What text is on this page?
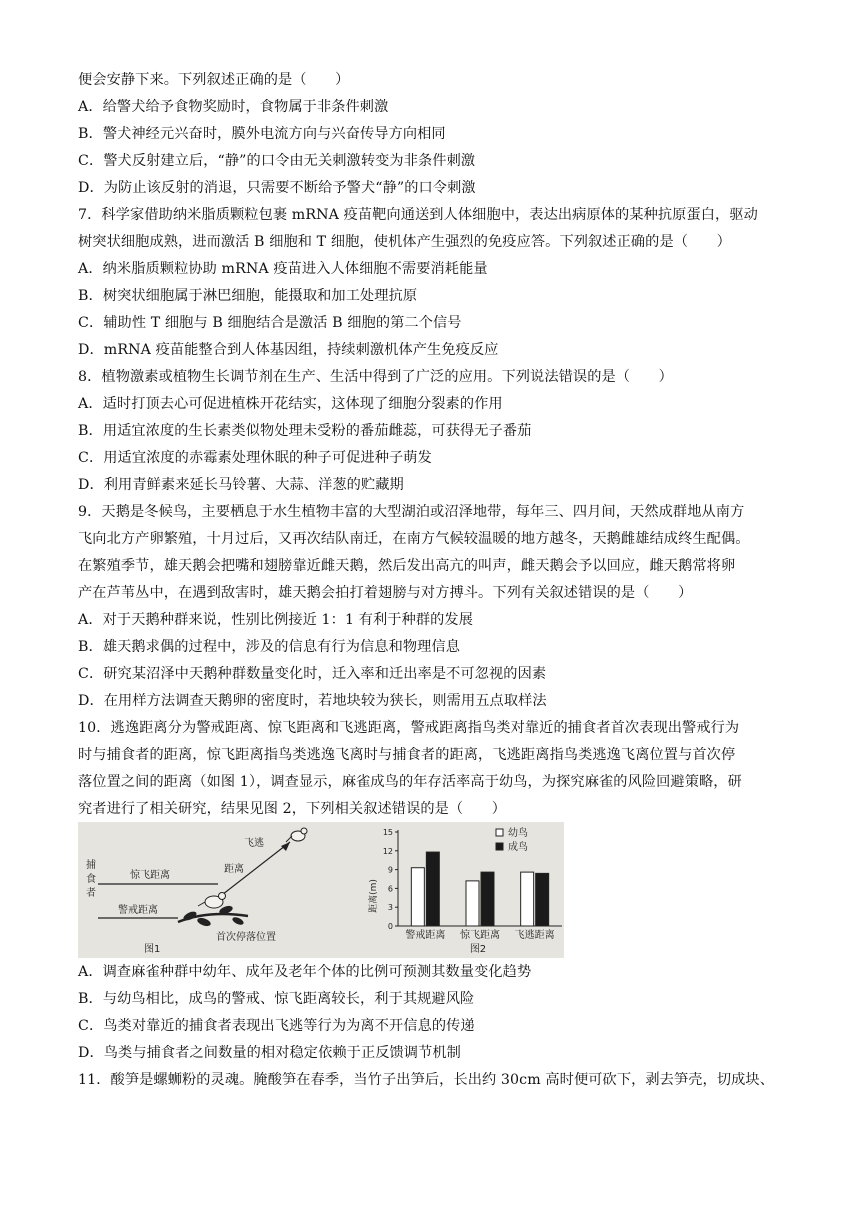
便会安静下来。下列叙述正确的是（　　）
A．给警犬给予食物奖励时，食物属于非条件刺激
B．警犬神经元兴奋时，膜外电流方向与兴奋传导方向相同
C．警犬反射建立后，“静”的口令由无关刺激转变为非条件刺激
D．为防止该反射的消退，只需要不断给予警犬“静”的口令刺激
7．科学家借助纳米脂质颗粒包裹 mRNA 疫苗靶向通送到人体细胞中，表达出病原体的某种抗原蛋白，驱动
树突状细胞成熟，进而激活 B 细胞和 T 细胞，使机体产生强烈的免疫应答。下列叙述正确的是（　　）
A．纳米脂质颗粒协助 mRNA 疫苗进入人体细胞不需要消耗能量
B．树突状细胞属于淋巴细胞，能摄取和加工处理抗原
C．辅助性 T 细胞与 B 细胞结合是激活 B 细胞的第二个信号
D．mRNA 疫苗能整合到人体基因组，持续刺激机体产生免疫反应
8．植物激素或植物生长调节剂在生产、生活中得到了广泛的应用。下列说法错误的是（　　）
A．适时打顶去心可促进植株开花结实，这体现了细胞分裂素的作用
B．用适宜浓度的生长素类似物处理未受粉的番茄雌蕊，可获得无子番茄
C．用适宜浓度的赤霉素处理休眠的种子可促进种子萌发
D．利用青鲜素来延长马铃薯、大蒜、洋葱的贮藏期
9．天鹅是冬候鸟，主要栖息于水生植物丰富的大型湖泊或沼泽地带，每年三、四月间，天然成群地从南方
飞向北方产卵繁殖，十月过后，又再次结队南迁，在南方气候较温暖的地方越冬，天鹅雌雄结成终生配偶。
在繁殖季节，雄天鹅会把嘴和翅膀靠近雌天鹅，然后发出高亢的叫声，雌天鹅会予以回应，雌天鹅常将卵
产在芦苇丛中，在遇到敌害时，雄天鹅会拍打着翅膀与对方搏斗。下列有关叙述错误的是（　　）
A．对于天鹅种群来说，性别比例接近 1：1 有利于种群的发展
B．雄天鹅求偶的过程中，涉及的信息有行为信息和物理信息
C．研究某沼泽中天鹅种群数量变化时，迁入率和迁出率是不可忽视的因素
D．在用样方法调查天鹅卵的密度时，若地块较为狭长，则需用五点取样法
10．逃逸距离分为警戒距离、惊飞距离和飞逃距离，警戒距离指鸟类对靠近的捕食者首次表现出警戒行为
时与捕食者的距离，惊飞距离指鸟类逃逸飞离时与捕食者的距离，飞逃距离指鸟类逃逸飞离位置与首次停
落位置之间的距离（如图 1），调查显示，麻雀成鸟的年存活率高于幼鸟，为探究麻雀的风险回避策略，研
究者进行了相关研究，结果见图 2，下列相关叙述错误的是（　　）
A．调查麻雀种群中幼年、成年及老年个体的比例可预测其数量变化趋势
B．与幼鸟相比，成鸟的警戒、惊飞距离较长，利于其规避风险
C．鸟类对靠近的捕食者表现出飞逃等行为为离不开信息的传递
D．鸟类与捕食者之间数量的相对稳定依赖于正反馈调节机制
11．酸笋是螺蛳粉的灵魂。腌酸笋在春季，当竹子出笋后，长出约 30cm 高时便可砍下，剥去笋壳，切成块、
捕
食
者
惊飞距离
警戒距离
飞逃
距离
首次停落位置
图1
距离(m)
0
3
6
9
12
15
警戒距离 惊飞距离 飞逃距离
幼鸟
成鸟
图2
